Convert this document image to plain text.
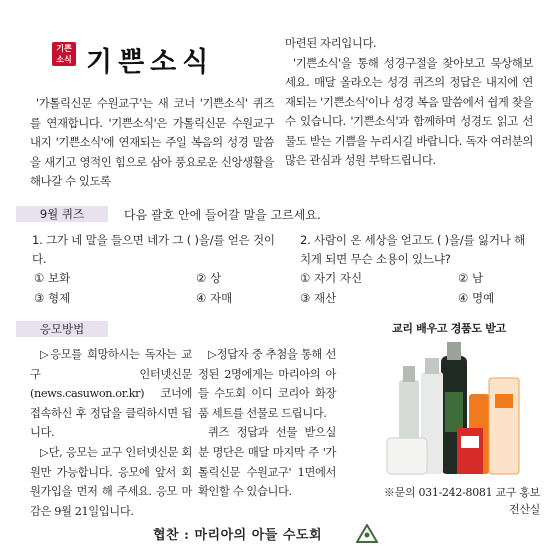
기쁜
소식 기쁜소식
'가톨릭신문 수원교구'는 새 코너 '기쁜소식' 퀴즈를 연재합니다. '기쁜소식'은 가톨릭신문 수원교구 내지 '기쁜소식'에 연재되는 주일 복음의 성경 말씀을 새기고 영적인 힘으로 삼아 풍요로운 신앙생활을 해나갈 수 있도록
마련된 자리입니다.
'기쁜소식'을 통해 성경구절을 찾아보고 묵상해보세요. 매달 올라오는 성경 퀴즈의 정답은 내지에 연재되는 '기쁜소식'이나 성경 복음 말씀에서 쉽게 찾을 수 있습니다. '기쁜소식'과 함께하며 성경도 읽고 선물도 받는 기쁨을 누리시길 바랍니다. 독자 여러분의 많은 관심과 성원 부탁드립니다.
9월 퀴즈	다음 괄호 안에 들어갈 말을 고르세요.
1. 그가 네 말을 들으면 네가 그 ( )을/를 얻은 것이다.
① 보화	② 상
③ 형제	④ 자매
2. 사람이 온 세상을 얻고도 ( )을/를 잃거나 해치게 되면 무슨 소용이 있느냐?
① 자기 자신	② 남
③ 재산	④ 명예
응모방법

▷응모를 희망하시는 독자는 교구 인터넷신문(news.casuwon.or.kr) 코너에 접속하신 후 정답을 클릭하시면 됩니다.

▷단, 응모는 교구 인터넷신문 회원만 가능합니다. 응모에 앞서 회원가입을 먼저 해 주세요. 응모 마감은 9월 21일입니다.

▷정답자 중 추첨을 통해 선정된 2명에게는 마리아의 아들 수도회 이디 코리아 화장품 세트를 선물로 드립니다.

퀴즈 정답과 선물 받으실 분 명단은 매달 마지막 주 '가톨릭신문 수원교구' 1면에서 확인할 수 있습니다.

교리 배우고 경품도 받고
※문의 031-242-8081 교구 홍보전산실
협찬 : 마리아의 아들 수도회
